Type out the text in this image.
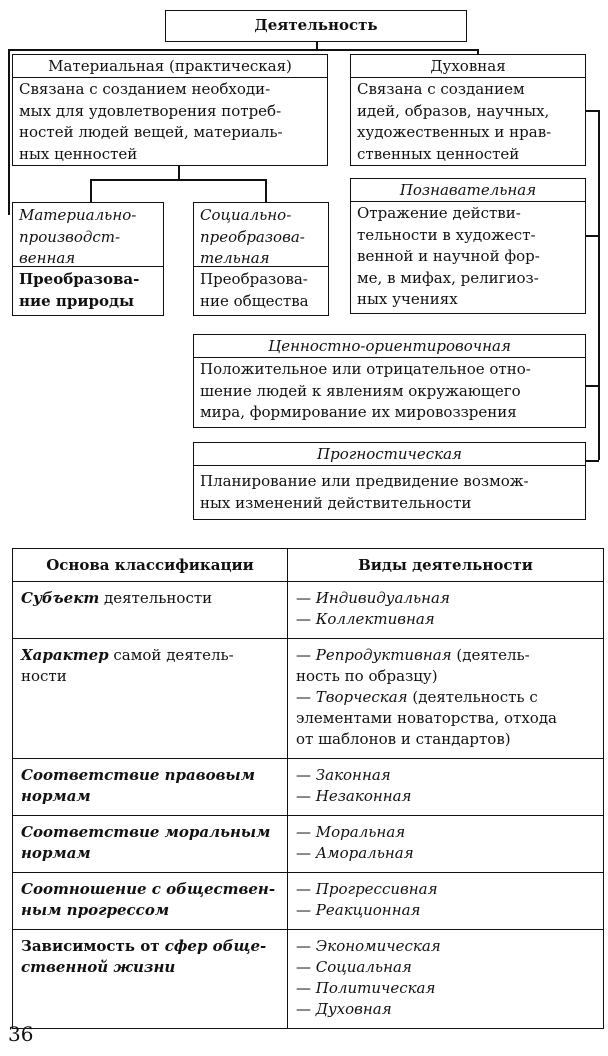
Деятельность
Материальная (практическая)
Связана с созданием необходи-
мых для удовлетворения потреб-
ностей людей вещей, материаль-
ных ценностей
Духовная
Связана с созданием
идей, образов, научных,
художественных и нрав-
ственных ценностей
Материально-
производст-
венная
Преобразова-
ние природы
Социально-
преобразова-
тельная
Преобразова-
ние общества
Познавательная
Отражение действи-
тельности в художест-
венной и научной фор-
ме, в мифах, религиоз-
ных учениях
Ценностно-ориентировочная
Положительное или отрицательное отно-
шение людей к явлениям окружающего
мира, формирование их мировоззрения
Прогностическая
Планирование или предвидение возмож-
ных изменений действительности
Основа классификации	Виды деятельности
Субъект деятельности	— Индивидуальная
— Коллективная

Характер самой деятель-
ности	— Репродуктивная (деятель-
ность по образцу)
— Творческая (деятельность с
элементами новаторства, отхода
от шаблонов и стандартов)

Соответствие правовым
нормам	— Законная
— Незаконная

Соответствие моральным
нормам	— Моральная
— Аморальная

Соотношение с обществен-
ным прогрессом	— Прогрессивная
— Реакционная

Зависимость от сфер обще-
ственной жизни	— Экономическая
— Социальная
— Политическая
— Духовная
36
